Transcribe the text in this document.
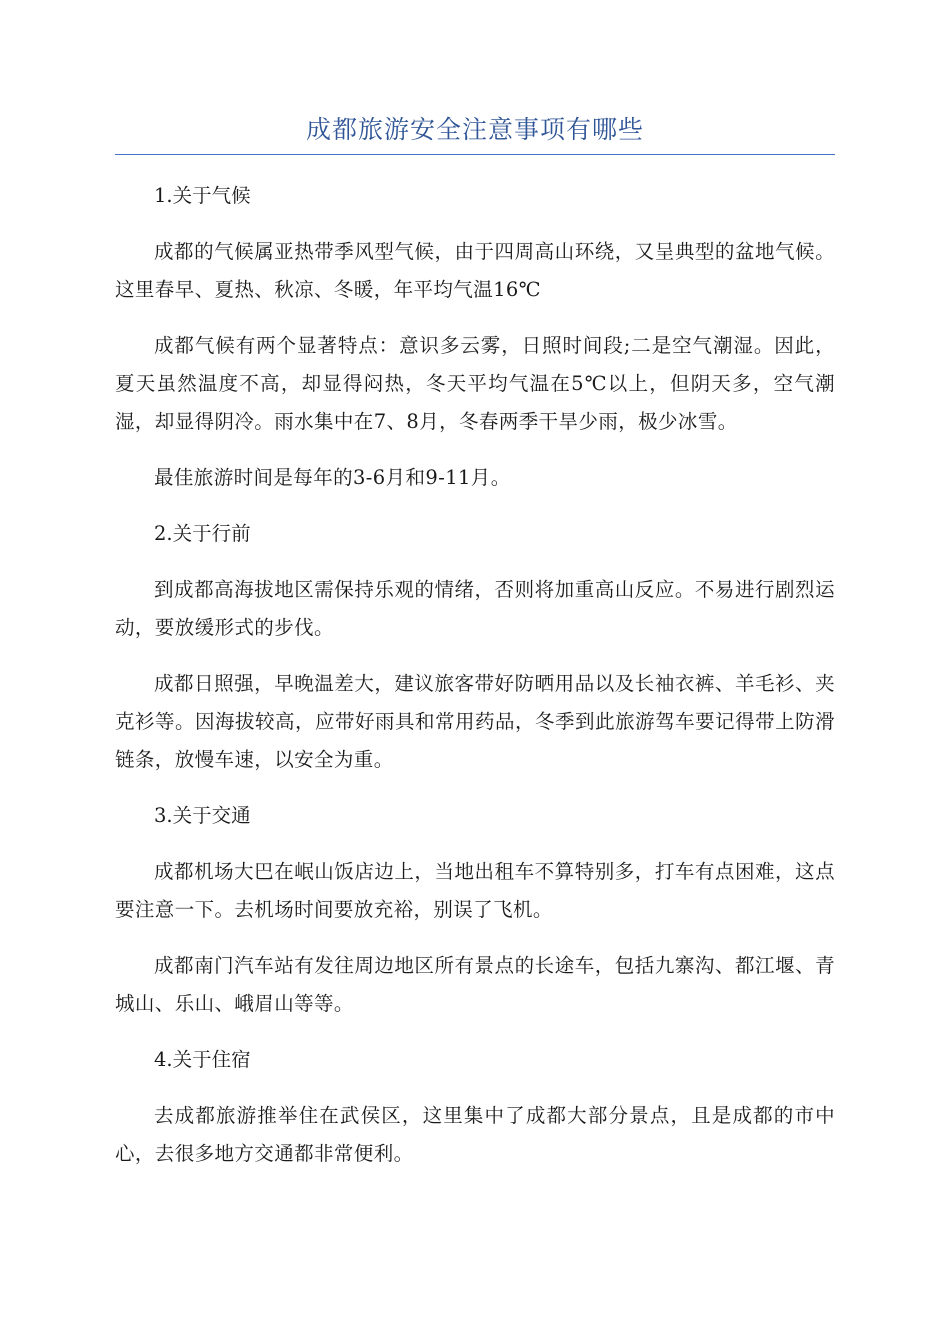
成都旅游安全注意事项有哪些
1.关于气候

成都的气候属亚热带季风型气候，由于四周高山环绕，又呈典型的盆地气候。这里春早、夏热、秋凉、冬暖，年平均气温16℃

成都气候有两个显著特点：意识多云雾，日照时间段;二是空气潮湿。因此，夏天虽然温度不高，却显得闷热，冬天平均气温在5℃以上，但阴天多，空气潮湿，却显得阴冷。雨水集中在7、8月，冬春两季干旱少雨，极少冰雪。

最佳旅游时间是每年的3-6月和9-11月。

2.关于行前

到成都高海拔地区需保持乐观的情绪，否则将加重高山反应。不易进行剧烈运动，要放缓形式的步伐。

成都日照强，早晚温差大，建议旅客带好防晒用品以及长袖衣裤、羊毛衫、夹克衫等。因海拔较高，应带好雨具和常用药品，冬季到此旅游驾车要记得带上防滑链条，放慢车速，以安全为重。

3.关于交通

成都机场大巴在岷山饭店边上，当地出租车不算特别多，打车有点困难，这点要注意一下。去机场时间要放充裕，别误了飞机。

成都南门汽车站有发往周边地区所有景点的长途车，包括九寨沟、都江堰、青城山、乐山、峨眉山等等。

4.关于住宿

去成都旅游推举住在武侯区，这里集中了成都大部分景点，且是成都的市中心，去很多地方交通都非常便利。
